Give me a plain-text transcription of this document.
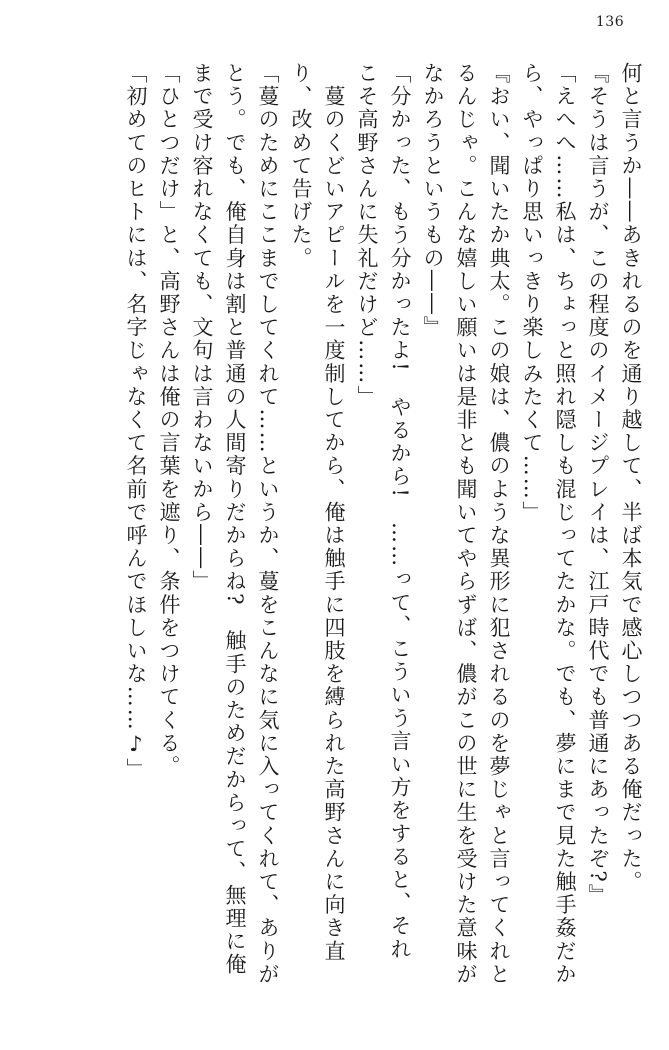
136
何と言うか――あきれるのを通り越して、半ば本気で感心しつつある俺だった。
『そうは言うが、この程度のイメージプレイは、江戸時代でも普通にあったぞ?』
「えへへ……私は、ちょっと照れ隠しも混じってたかな。でも、夢にまで見た触手姦だか
ら、やっぱり思いっきり楽しみたくて……」
『おい、聞いたか典太。この娘は、儂のような異形に犯されるのを夢じゃと言ってくれと
るんじゃ。こんな嬉しい願いは是非とも聞いてやらずば、儂がこの世に生を受けた意味が
なかろうというもの――』
「分かった、もう分かったよ!　やるから!　……って、こういう言い方をすると、それ
こそ高野さんに失礼だけど……」
　蔓のくどいアピールを一度制してから、俺は触手に四肢を縛られた高野さんに向き直
り、改めて告げた。
「蔓のためにここまでしてくれて……というか、蔓をこんなに気に入ってくれて、ありが
とう。でも、俺自身は割と普通の人間寄りだからね?　触手のためだからって、無理に俺
まで受け容れなくても、文句は言わないから――」
「ひとつだけ」と、高野さんは俺の言葉を遮り、条件をつけてくる。
「初めてのヒトには、名字じゃなくて名前で呼んでほしいな……♪」
